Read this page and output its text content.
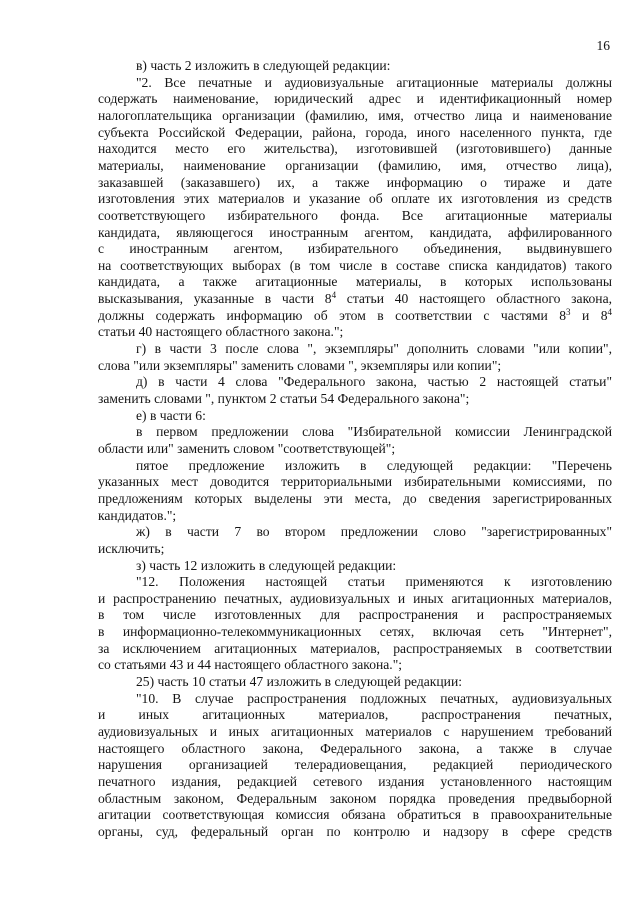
16
в) часть 2 изложить в следующей редакции:
"2. Все печатные и аудиовизуальные агитационные материалы должны
содержать наименование, юридический адрес и идентификационный номер
налогоплательщика организации (фамилию, имя, отчество лица и наименование
субъекта Российской Федерации, района, города, иного населенного пункта, где
находится место его жительства), изготовившей (изготовившего) данные
материалы, наименование организации (фамилию, имя, отчество лица),
заказавшей (заказавшего) их, а также информацию о тираже и дате
изготовления этих материалов и указание об оплате их изготовления из средств
соответствующего избирательного фонда. Все агитационные материалы
кандидата, являющегося иностранным агентом, кандидата, аффилированного
с иностранным агентом, избирательного объединения, выдвинувшего
на соответствующих выборах (в том числе в составе списка кандидатов) такого
кандидата, а также агитационные материалы, в которых использованы
высказывания, указанные в части $8^4$ статьи 40 настоящего областного закона,
должны содержать информацию об этом в соответствии с частями $8^3$ и $8^4$
статьи 40 настоящего областного закона.";
г) в части 3 после слова ", экземпляры" дополнить словами "или копии",
слова "или экземпляры" заменить словами ", экземпляры или копии";
д) в части 4 слова "Федерального закона, частью 2 настоящей статьи"
заменить словами ", пунктом 2 статьи 54 Федерального закона";
е) в части 6:
в первом предложении слова "Избирательной комиссии Ленинградской
области или" заменить словом "соответствующей";
пятое предложение изложить в следующей редакции: "Перечень
указанных мест доводится территориальными избирательными комиссиями, по
предложениям которых выделены эти места, до сведения зарегистрированных
кандидатов.";
ж) в части 7 во втором предложении слово "зарегистрированных"
исключить;
з) часть 12 изложить в следующей редакции:
"12. Положения настоящей статьи применяются к изготовлению
и распространению печатных, аудиовизуальных и иных агитационных материалов,
в том числе изготовленных для распространения и распространяемых
в информационно-телекоммуникационных сетях, включая сеть "Интернет",
за исключением агитационных материалов, распространяемых в соответствии
со статьями 43 и 44 настоящего областного закона.";
25) часть 10 статьи 47 изложить в следующей редакции:
"10. В случае распространения подложных печатных, аудиовизуальных
и иных агитационных материалов, распространения печатных,
аудиовизуальных и иных агитационных материалов с нарушением требований
настоящего областного закона, Федерального закона, а также в случае
нарушения организацией телерадиовещания, редакцией периодического
печатного издания, редакцией сетевого издания установленного настоящим
областным законом, Федеральным законом порядка проведения предвыборной
агитации соответствующая комиссия обязана обратиться в правоохранительные
органы, суд, федеральный орган по контролю и надзору в сфере средств
